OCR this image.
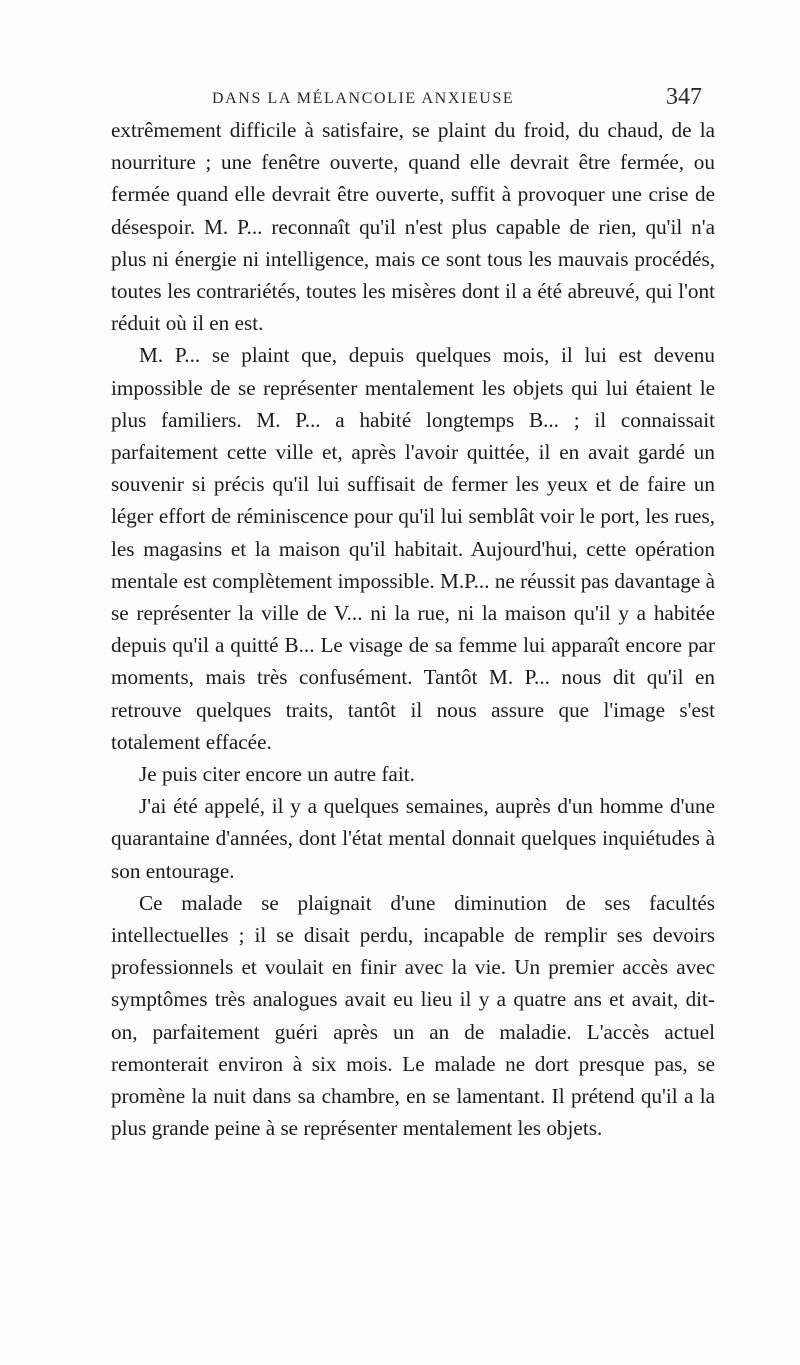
DANS LA MÉLANCOLIE ANXIEUSE	347

extrêmement difficile à satisfaire, se plaint du froid, du chaud, de la nourriture ; une fenêtre ouverte, quand elle devrait être fermée, ou fermée quand elle devrait être ouverte, suffit à provoquer une crise de désespoir. M. P... reconnaît qu'il n'est plus capable de rien, qu'il n'a plus ni énergie ni intelligence, mais ce sont tous les mauvais procédés, toutes les contrariétés, toutes les misères dont il a été abreuvé, qui l'ont réduit où il en est.

M. P... se plaint que, depuis quelques mois, il lui est devenu impossible de se représenter mentalement les objets qui lui étaient le plus familiers. M. P... a habité longtemps B... ; il connaissait parfaitement cette ville et, après l'avoir quittée, il en avait gardé un souvenir si précis qu'il lui suffisait de fermer les yeux et de faire un léger effort de réminiscence pour qu'il lui semblât voir le port, les rues, les magasins et la maison qu'il habitait. Aujourd'hui, cette opération mentale est complètement impossible. M.P... ne réussit pas davantage à se représenter la ville de V... ni la rue, ni la maison qu'il y a habitée depuis qu'il a quitté B... Le visage de sa femme lui apparaît encore par moments, mais très confusément. Tantôt M. P... nous dit qu'il en retrouve quelques traits, tantôt il nous assure que l'image s'est totalement effacée.

Je puis citer encore un autre fait.

J'ai été appelé, il y a quelques semaines, auprès d'un homme d'une quarantaine d'années, dont l'état mental donnait quelques inquiétudes à son entourage.

Ce malade se plaignait d'une diminution de ses facultés intellectuelles ; il se disait perdu, incapable de remplir ses devoirs professionnels et voulait en finir avec la vie. Un premier accès avec symptômes très analogues avait eu lieu il y a quatre ans et avait, dit-on, parfaitement guéri après un an de maladie. L'accès actuel remonterait environ à six mois. Le malade ne dort presque pas, se promène la nuit dans sa chambre, en se lamentant. Il prétend qu'il a la plus grande peine à se représenter mentalement les objets.
